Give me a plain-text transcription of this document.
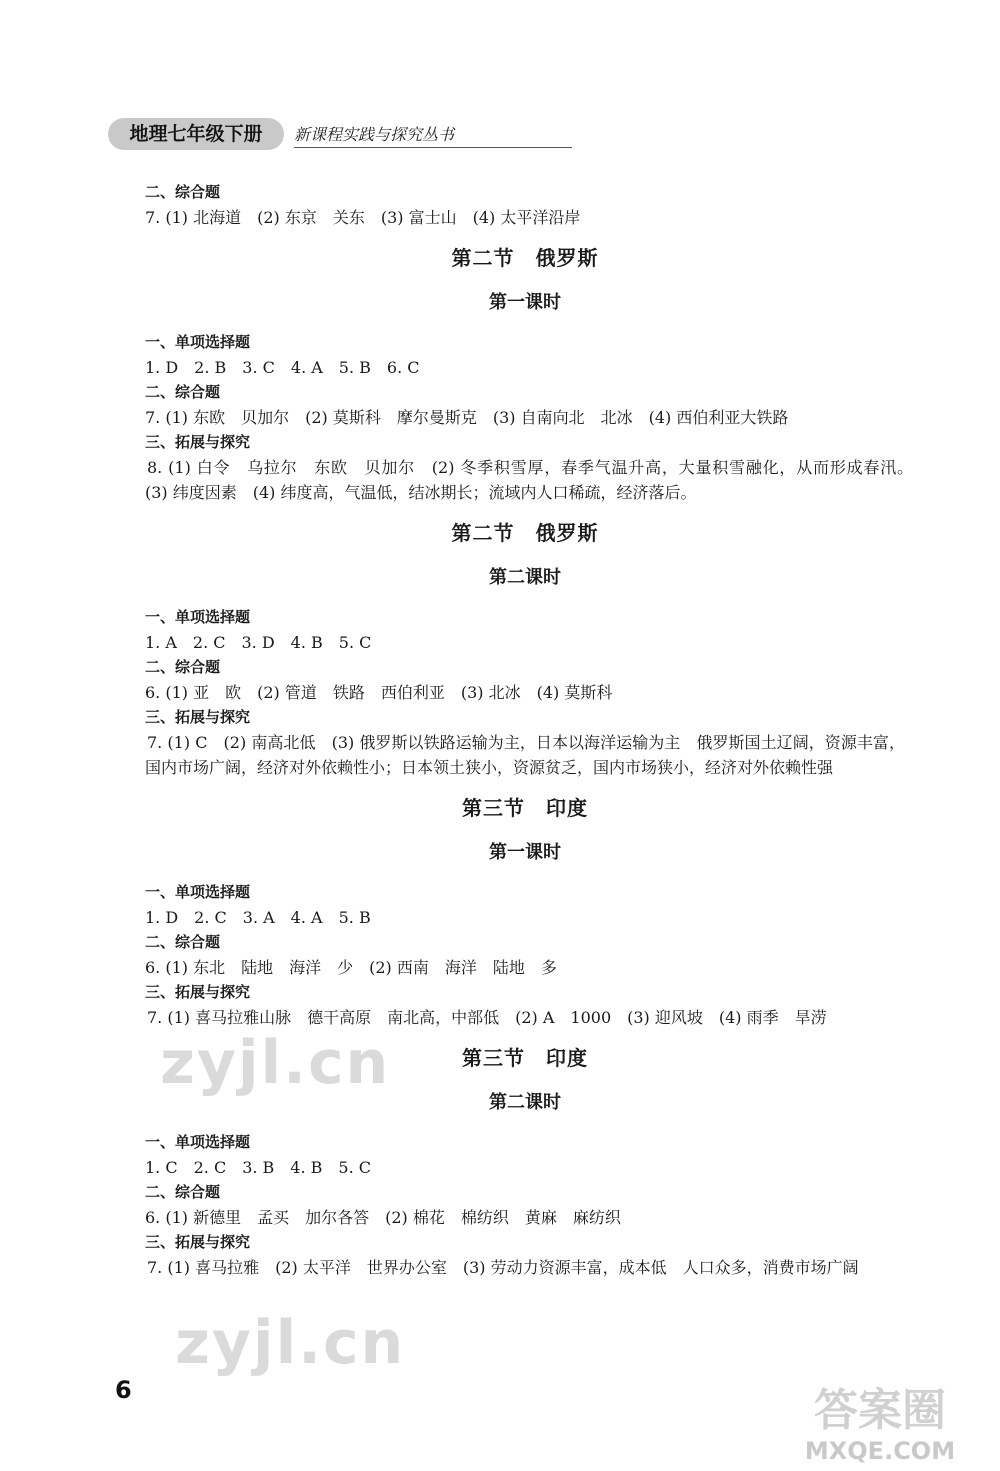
地理七年级下册	新课程实践与探究丛书
二、综合题
7. (1) 北海道　(2) 东京　关东　(3) 富士山　(4) 太平洋沿岸
第二节　俄罗斯
第一课时
一、单项选择题
1. D　2. B　3. C　4. A　5. B　6. C
二、综合题
7. (1) 东欧　贝加尔　(2) 莫斯科　摩尔曼斯克　(3) 自南向北　北冰　(4) 西伯利亚大铁路
三、拓展与探究
8. (1) 白令　乌拉尔　东欧　贝加尔　(2) 冬季积雪厚，春季气温升高，大量积雪融化，从而形成春汛。　(3) 纬度因素　(4) 纬度高，气温低，结冰期长；流域内人口稀疏，经济落后。
第二节　俄罗斯
第二课时
一、单项选择题
1. A　2. C　3. D　4. B　5. C
二、综合题
6. (1) 亚　欧　(2) 管道　铁路　西伯利亚　(3) 北冰　(4) 莫斯科
三、拓展与探究
7. (1) C　(2) 南高北低　(3) 俄罗斯以铁路运输为主，日本以海洋运输为主　俄罗斯国土辽阔，资源丰富，国内市场广阔，经济对外依赖性小；日本领土狭小，资源贫乏，国内市场狭小，经济对外依赖性强
第三节　印度
第一课时
一、单项选择题
1. D　2. C　3. A　4. A　5. B
二、综合题
6. (1) 东北　陆地　海洋　少　(2) 西南　海洋　陆地　多
三、拓展与探究
7. (1) 喜马拉雅山脉　德干高原　南北高，中部低　(2) A　1000　(3) 迎风坡　(4) 雨季　旱涝
第三节　印度
第二课时
一、单项选择题
1. C　2. C　3. B　4. B　5. C
二、综合题
6. (1) 新德里　孟买　加尔各答　(2) 棉花　棉纺织　黄麻　麻纺织
三、拓展与探究
7. (1) 喜马拉雅　(2) 太平洋　世界办公室　(3) 劳动力资源丰富，成本低　人口众多，消费市场广阔
zyjl.cn
zyjl.cn
6	答案圈
MXQE.COM
